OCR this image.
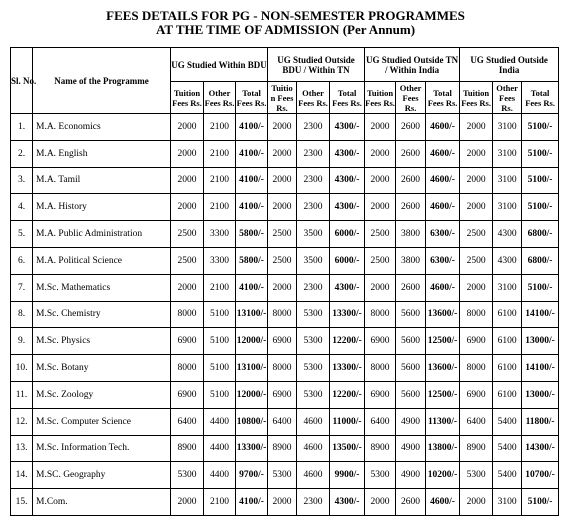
FEES DETAILS FOR PG - NON-SEMESTER PROGRAMMES
AT THE TIME OF ADMISSION (Per Annum)
Sl. No.	Name of the Programme	UG Studied Within BDU			UG Studied Outside BDU / Within TN			UG Studied Outside TN / Within India			UG Studied Outside India		
		Tuition Fees Rs.	Other Fees Rs.	Total Fees Rs.	Tuitio n Fees Rs.	Other Fees Rs.	Total Fees Rs.	Tuition Fees Rs.	Other Fees Rs.	Total Fees Rs.	Tuition Fees Rs.	Other Fees Rs.	Total Fees Rs.
1.	M.A. Economics	2000	2100	4100/-	2000	2300	4300/-	2000	2600	4600/-	2000	3100	5100/-
2.	M.A. English	2000	2100	4100/-	2000	2300	4300/-	2000	2600	4600/-	2000	3100	5100/-
3.	M.A. Tamil	2000	2100	4100/-	2000	2300	4300/-	2000	2600	4600/-	2000	3100	5100/-
4.	M.A. History	2000	2100	4100/-	2000	2300	4300/-	2000	2600	4600/-	2000	3100	5100/-
5.	M.A. Public Administration	2500	3300	5800/-	2500	3500	6000/-	2500	3800	6300/-	2500	4300	6800/-
6.	M.A. Political Science	2500	3300	5800/-	2500	3500	6000/-	2500	3800	6300/-	2500	4300	6800/-
7.	M.Sc. Mathematics	2000	2100	4100/-	2000	2300	4300/-	2000	2600	4600/-	2000	3100	5100/-
8.	M.Sc. Chemistry	8000	5100	13100/-	8000	5300	13300/-	8000	5600	13600/-	8000	6100	14100/-
9.	M.Sc. Physics	6900	5100	12000/-	6900	5300	12200/-	6900	5600	12500/-	6900	6100	13000/-
10.	M.Sc. Botany	8000	5100	13100/-	8000	5300	13300/-	8000	5600	13600/-	8000	6100	14100/-
11.	M.Sc. Zoology	6900	5100	12000/-	6900	5300	12200/-	6900	5600	12500/-	6900	6100	13000/-
12.	M.Sc. Computer Science	6400	4400	10800/-	6400	4600	11000/-	6400	4900	11300/-	6400	5400	11800/-
13.	M.Sc. Information Tech.	8900	4400	13300/-	8900	4600	13500/-	8900	4900	13800/-	8900	5400	14300/-
14.	M.SC. Geography	5300	4400	9700/-	5300	4600	9900/-	5300	4900	10200/-	5300	5400	10700/-
15.	M.Com.	2000	2100	4100/-	2000	2300	4300/-	2000	2600	4600/-	2000	3100	5100/-
